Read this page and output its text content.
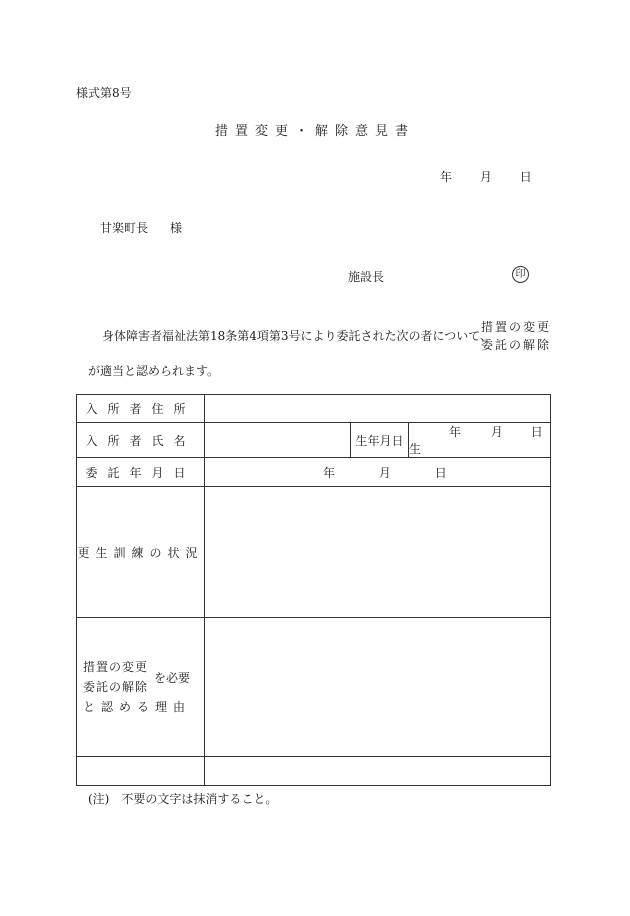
様式第8号
措置変更・解除意見書
年 月 日
甘楽町長 様
施設長	印
身体障害者福祉法第18条第4項第3号により委託された次の者について、
措置の変更
委託の解除
が適当と認められます。
入所者住所			
入所者氏名		生年月日	年 月 日生
委託年月日	年 月 日		
更生訓練の状況			

措置の変更
委託の解除
を必要
と認める理由			

(注)　不要の文字は抹消すること。
